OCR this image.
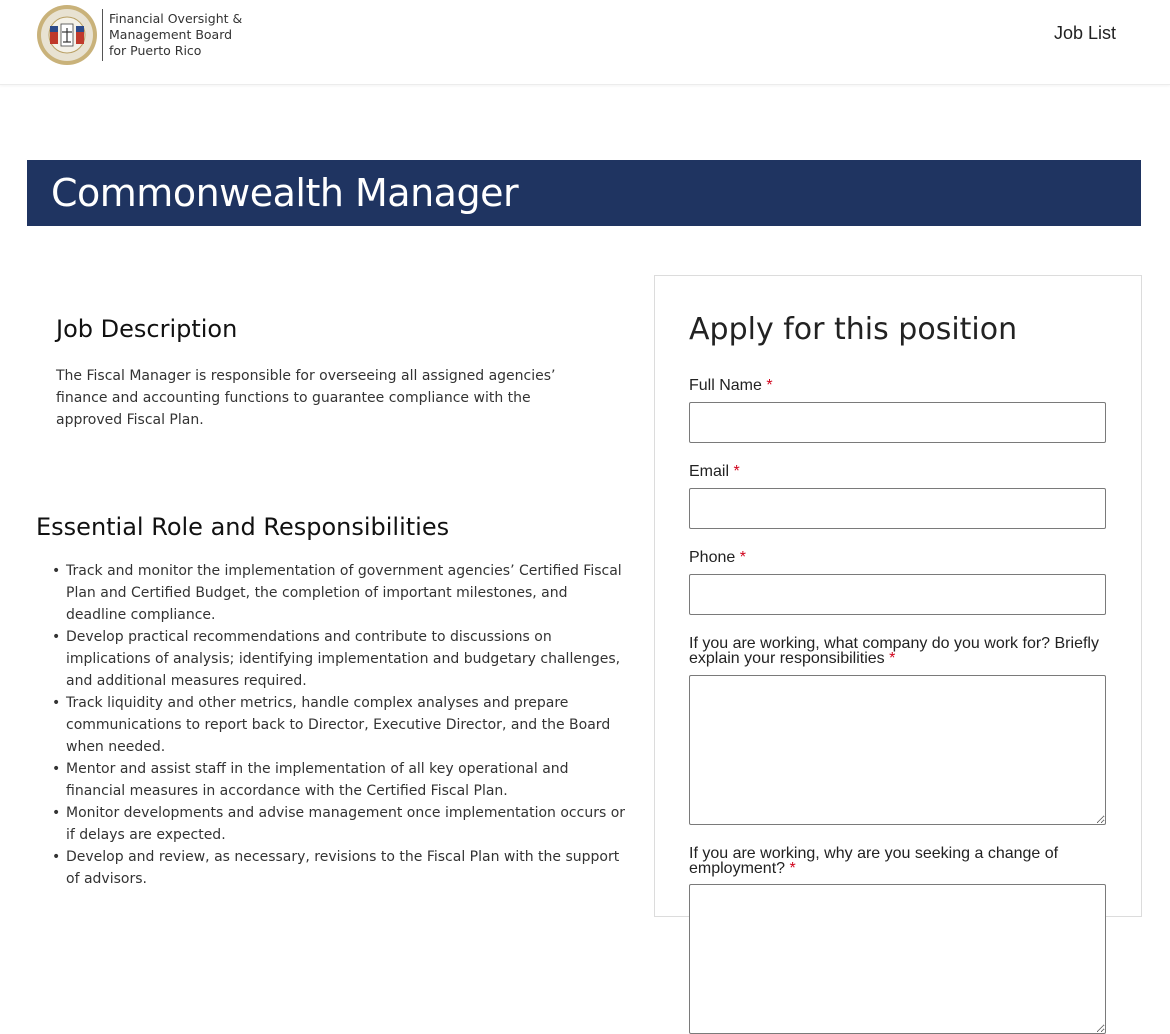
Financial Oversight &
Management Board
for Puerto Rico
Job List
Commonwealth Manager
Job Description

The Fiscal Manager is responsible for overseeing all assigned agencies’ finance and accounting functions to guarantee compliance with the approved Fiscal Plan.

Essential Role and Responsibilities
• Track and monitor the implementation of government agencies’ Certified Fiscal Plan and Certified Budget, the completion of important milestones, and deadline compliance.
• Develop practical recommendations and contribute to discussions on implications of analysis; identifying implementation and budgetary challenges, and additional measures required.
• Track liquidity and other metrics, handle complex analyses and prepare communications to report back to Director, Executive Director, and the Board when needed.
• Mentor and assist staff in the implementation of all key operational and financial measures in accordance with the Certified Fiscal Plan.
• Monitor developments and advise management once implementation occurs or if delays are expected.
• Develop and review, as necessary, revisions to the Fiscal Plan with the support of advisors.
Apply for this position
Full Name *
Email *
Phone *
If you are working, what company do you work for? Briefly explain your responsibilities *
If you are working, why are you seeking a change of employment? *
